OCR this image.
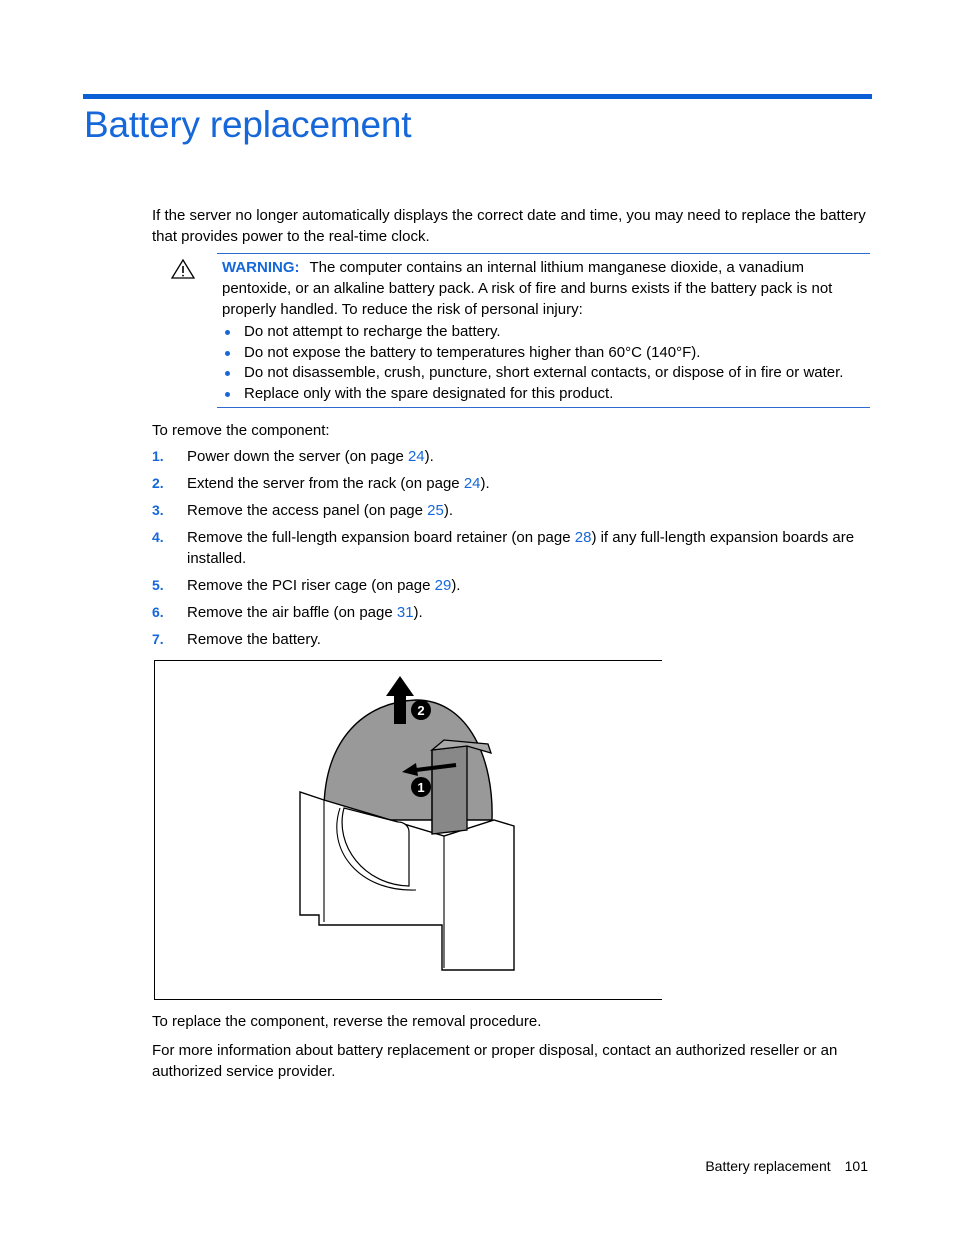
Battery replacement

If the server no longer automatically displays the correct date and time, you may need to replace the battery that provides power to the real-time clock.

WARNING: The computer contains an internal lithium manganese dioxide, a vanadium pentoxide, or an alkaline battery pack. A risk of fire and burns exists if the battery pack is not properly handled. To reduce the risk of personal injury:

Do not attempt to recharge the battery.
Do not expose the battery to temperatures higher than 60°C (140°F).
Do not disassemble, crush, puncture, short external contacts, or dispose of in fire or water.
Replace only with the spare designated for this product.

To remove the component:

1. Power down the server (on page 24).
2. Extend the server from the rack (on page 24).
3. Remove the access panel (on page 25).
4. Remove the full-length expansion board retainer (on page 28) if any full-length expansion boards are installed.
5. Remove the PCI riser cage (on page 29).
6. Remove the air baffle (on page 31).
7. Remove the battery.
1
2

To replace the component, reverse the removal procedure.

For more information about battery replacement or proper disposal, contact an authorized reseller or an authorized service provider.

Battery replacement 101
